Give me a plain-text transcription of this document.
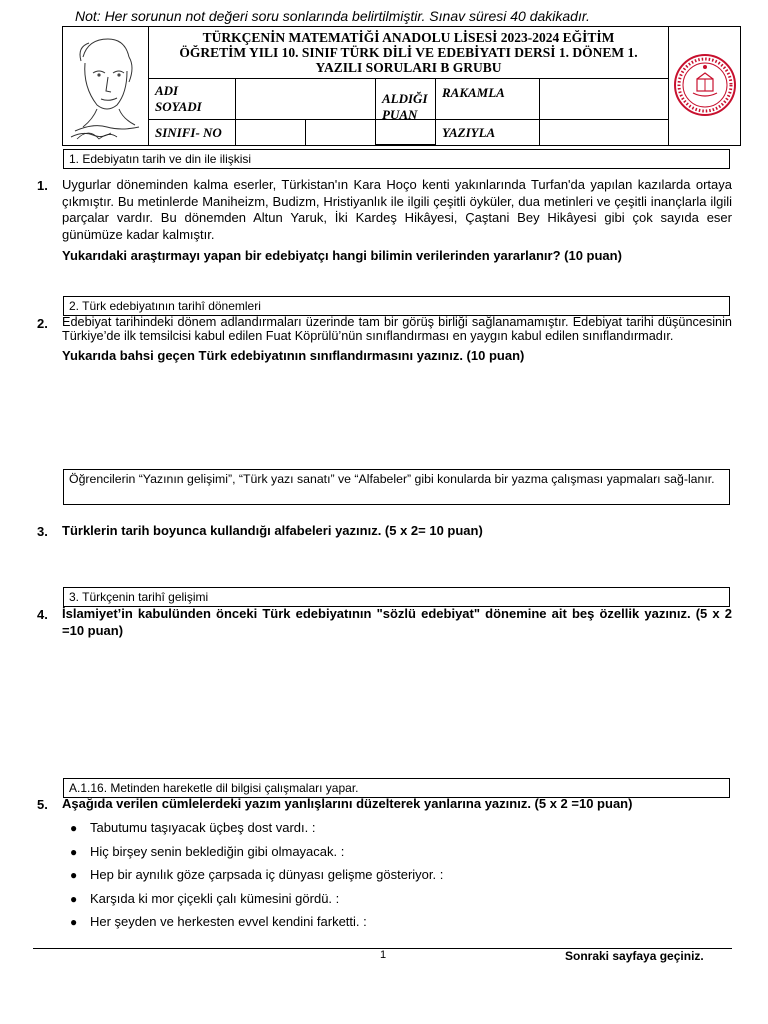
Not: Her sorunun not değeri soru sonlarında belirtilmiştir. Sınav süresi 40 dakikadır.
TÜRKÇENİN MATEMATİĞİ ANADOLU LİSESİ 2023-2024 EĞİTİM
ÖĞRETİM YILI 10. SINIF TÜRK DİLİ VE EDEBİYATI DERSİ 1. DÖNEM 1.
YAZILI SORULARI B GRUBU
ADI
SOYADI
ALDIĞI
PUAN
RAKAMLA
SINIFI- NO	YAZIYLA
1. Edebiyatın tarih ve din ile ilişkisi
1. Uygurlar döneminden kalma eserler, Türkistan'ın Kara Hoço kenti yakınlarında Turfan'da yapılan kazılarda ortaya çıkmıştır. Bu metinlerde Maniheizm, Budizm, Hristiyanlık ile ilgili çeşitli öyküler, dua metinleri ve çeşitli inançlarla ilgili parçalar vardır. Bu dönemden Altun Yaruk, İki Kardeş Hikâyesi, Çaştani Bey Hikâyesi gibi çok sayıda eser günümüze kadar kalmıştır.
Yukarıdaki araştırmayı yapan bir edebiyatçı hangi bilimin verilerinden yararlanır? (10 puan)
2. Türk edebiyatının tarihî dönemleri
2. Edebiyat tarihindeki dönem adlandırmaları üzerinde tam bir görüş birliği sağlanamamıştır. Edebiyat tarihi düşüncesinin Türkiye’de ilk temsilcisi kabul edilen Fuat Köprülü’nün sınıflandırması en yaygın kabul edilen sınıflandırmadır.
Yukarıda bahsi geçen Türk edebiyatının sınıflandırmasını yazınız. (10 puan)
Öğrencilerin “Yazının gelişimi”, “Türk yazı sanatı” ve “Alfabeler” gibi konularda bir yazma çalışması yapmaları sağ-lanır.
3. Türklerin tarih boyunca kullandığı alfabeleri yazınız. (5 x 2= 10 puan)
3. Türkçenin tarihî gelişimi
4. İslamiyet’in kabulünden önceki Türk edebiyatının "sözlü edebiyat" dönemine ait beş özellik yazınız. (5 x 2 =10 puan)
A.1.16. Metinden hareketle dil bilgisi çalışmaları yapar.
5. Aşağıda verilen cümlelerdeki yazım yanlışlarını düzelterek yanlarına yazınız. (5 x 2 =10 puan)
● Tabutumu taşıyacak üçbeş dost vardı. :
● Hiç birşey senin beklediğin gibi olmayacak. :
● Hep bir aynılık göze çarpsada iç dünyası gelişme gösteriyor. :
● Karşıda ki mor çiçekli çalı kümesini gördü. :
● Her şeyden ve herkesten evvel kendini farketti. :
1	Sonraki sayfaya geçiniz.
